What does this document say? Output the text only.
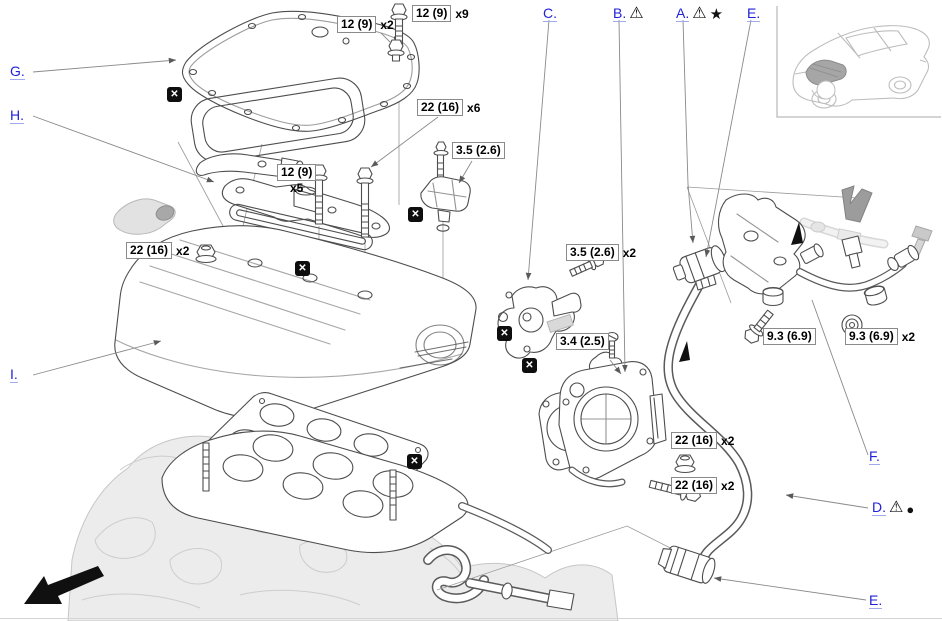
FR.
G.
H.
I.
C.	B. ⚠ A. ⚠ ★ E.
F.
D. ⚠ ●
E.
12 (9) x2
12 (9) x9
22 (16) x6
3.5 (2.6)
12 (9)
x5
22 (16) x2	3.5 (2.6) x2
3.4 (2.5)
22 (16) x2
22 (16) x2
9.3 (6.9)	9.3 (6.9) x2
✕
✕
✕
✕
✕
✕
